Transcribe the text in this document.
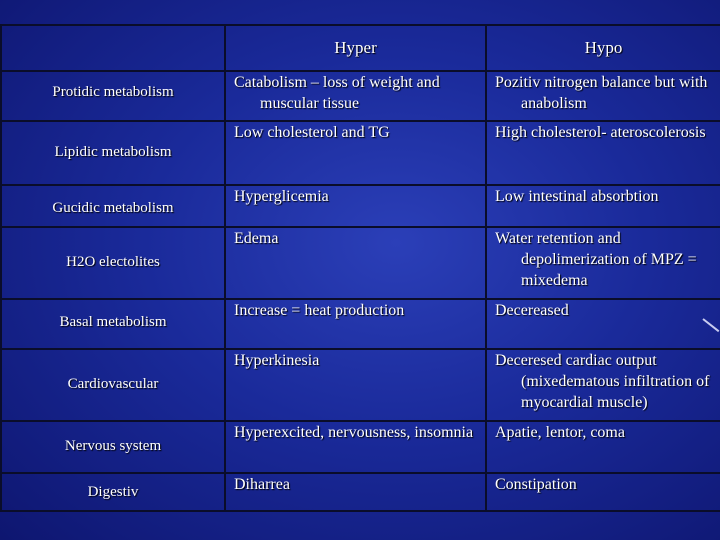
	Hyper	Hypo

Protidic metabolism	Catabolism – loss of weight and muscular tissue	Pozitiv nitrogen balance but with anabolism

Lipidic metabolism	Low cholesterol and TG	High cholesterol- ateroscolerosis

Gucidic metabolism	Hyperglicemia	Low intestinal absorbtion

H2O electolites	Edema	Water retention and depolimerization of MPZ = mixedema

Basal metabolism	Increase = heat production	Decereased

Cardiovascular	Hyperkinesia	Deceresed cardiac output (mixedematous infiltration of myocardial muscle)

Nervous system	Hyperexcited, nervousness, insomnia	Apatie, lentor, coma

Digestiv	Diharrea	Constipation
